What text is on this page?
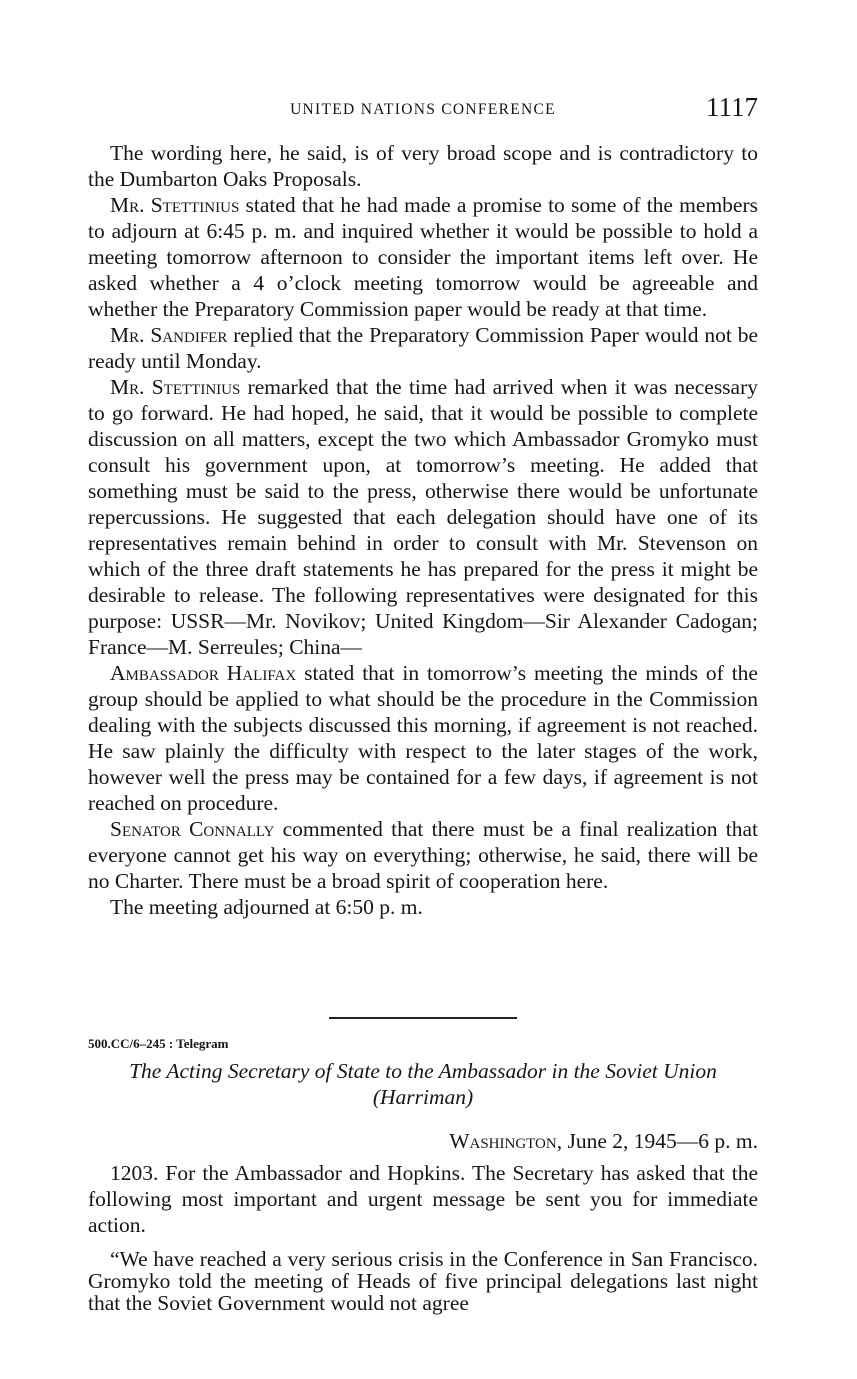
UNITED NATIONS CONFERENCE	1117

The wording here, he said, is of very broad scope and is contradictory to the Dumbarton Oaks Proposals.

Mr. Stettinius stated that he had made a promise to some of the members to adjourn at 6:45 p. m. and inquired whether it would be possible to hold a meeting tomorrow afternoon to consider the important items left over. He asked whether a 4 o’clock meeting tomorrow would be agreeable and whether the Preparatory Commission paper would be ready at that time.

Mr. Sandifer replied that the Preparatory Commission Paper would not be ready until Monday.

Mr. Stettinius remarked that the time had arrived when it was necessary to go forward. He had hoped, he said, that it would be possible to complete discussion on all matters, except the two which Ambassador Gromyko must consult his government upon, at tomorrow’s meeting. He added that something must be said to the press, otherwise there would be unfortunate repercussions. He suggested that each delegation should have one of its representatives remain behind in order to consult with Mr. Stevenson on which of the three draft statements he has prepared for the press it might be desirable to release. The following representatives were designated for this purpose: USSR—Mr. Novikov; United Kingdom—Sir Alexander Cadogan; France—M. Serreules; China—

Ambassador Halifax stated that in tomorrow’s meeting the minds of the group should be applied to what should be the procedure in the Commission dealing with the subjects discussed this morning, if agreement is not reached. He saw plainly the difficulty with respect to the later stages of the work, however well the press may be contained for a few days, if agreement is not reached on procedure.

Senator Connally commented that there must be a final realization that everyone cannot get his way on everything; otherwise, he said, there will be no Charter. There must be a broad spirit of cooperation here.

The meeting adjourned at 6:50 p. m.

500.CC/6–245 : Telegram
The Acting Secretary of State to the Ambassador in the Soviet Union
(Harriman)
Washington, June 2, 1945—6 p. m.

1203. For the Ambassador and Hopkins. The Secretary has asked that the following most important and urgent message be sent you for immediate action.

“We have reached a very serious crisis in the Conference in San Francisco. Gromyko told the meeting of Heads of five principal delegations last night that the Soviet Government would not agree
